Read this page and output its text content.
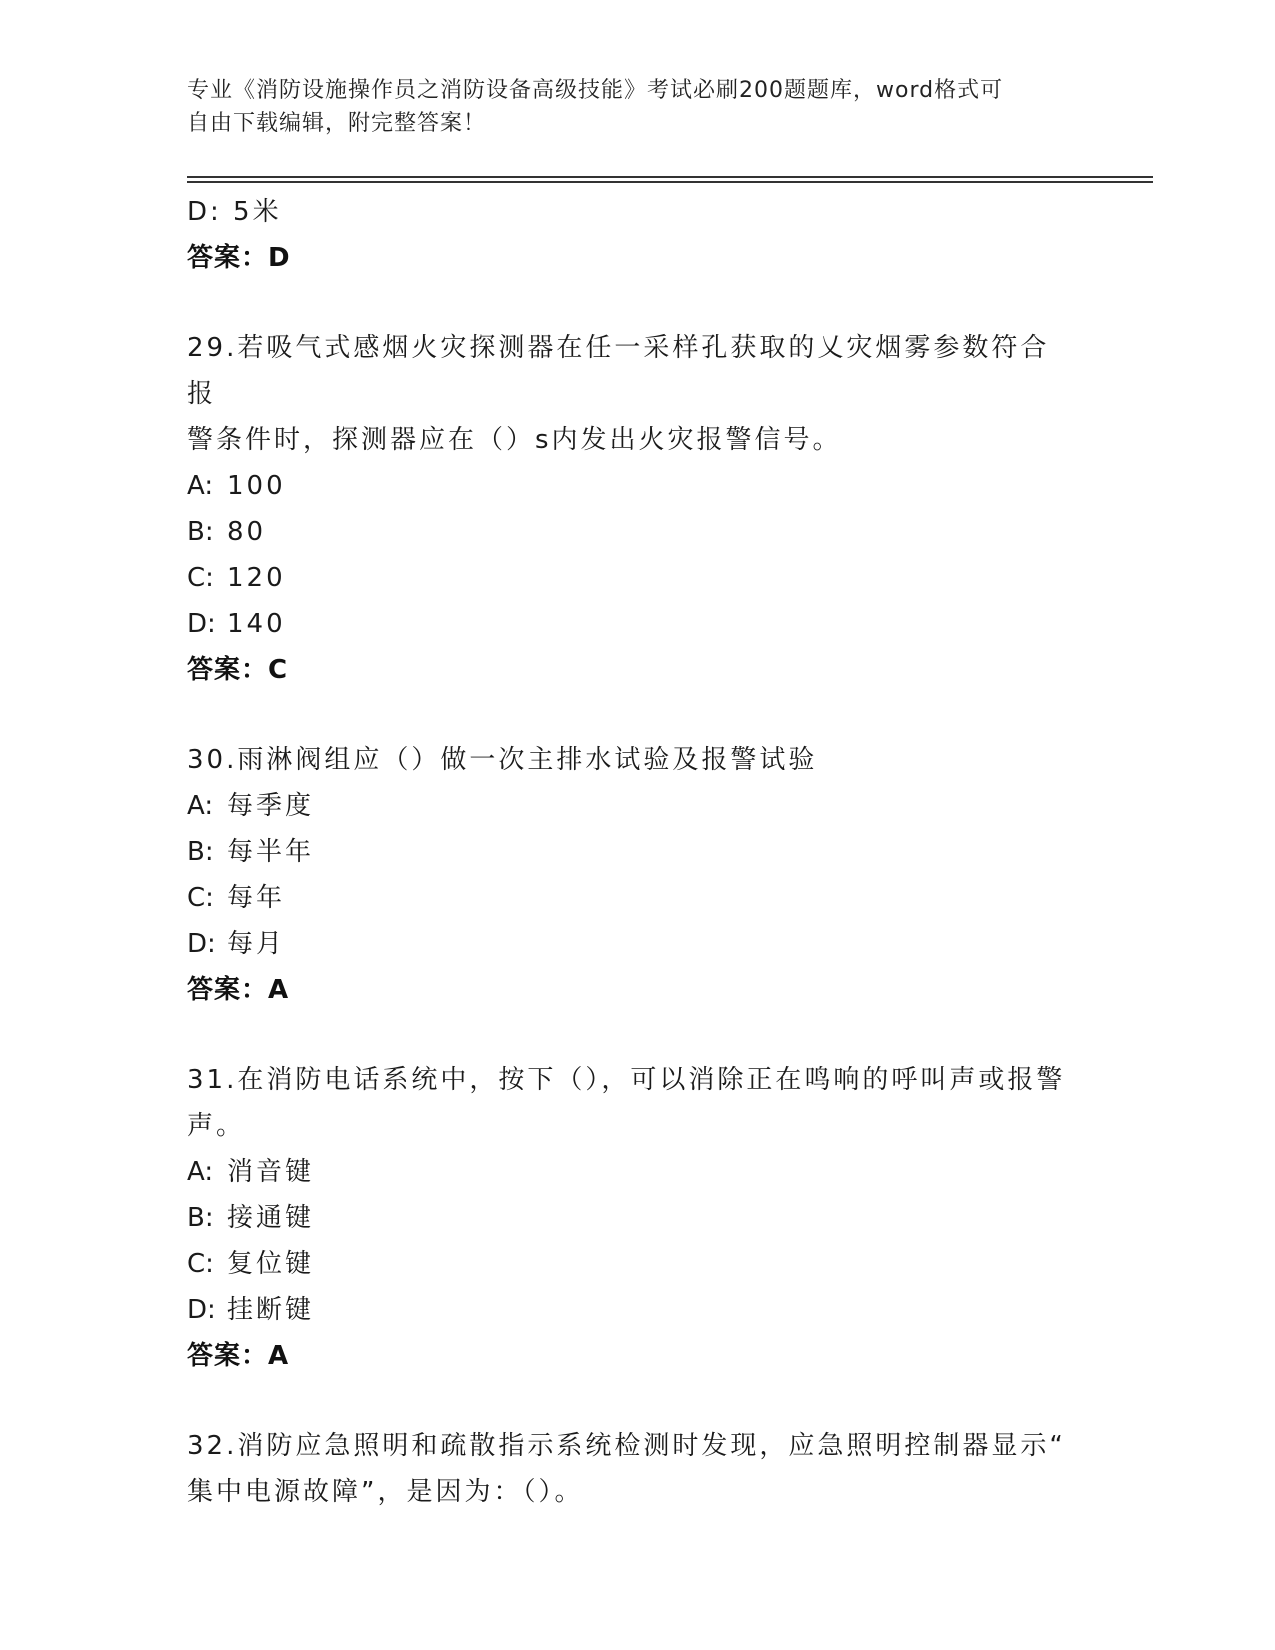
专业《消防设施操作员之消防设备高级技能》考试必刷200题题库，word格式可
自由下载编辑，附完整答案！
D: 5米
答案：D
29.若吸气式感烟火灾探测器在任一采样孔获取的乂灾烟雾参数符合报
警条件时，探测器应在（）s内发出火灾报警信号。
A: 100
B: 80
C: 120
D: 140
答案：C
30.雨淋阀组应（）做一次主排水试验及报警试验
A: 每季度
B: 每半年
C: 每年
D: 每月
答案：A
31.在消防电话系统中，按下（），可以消除正在鸣响的呼叫声或报警
声。
A: 消音键
B: 接通键
C: 复位键
D: 挂断键
答案：A
32.消防应急照明和疏散指示系统检测时发现，应急照明控制器显示“
集中电源故障”，是因为：（）。
